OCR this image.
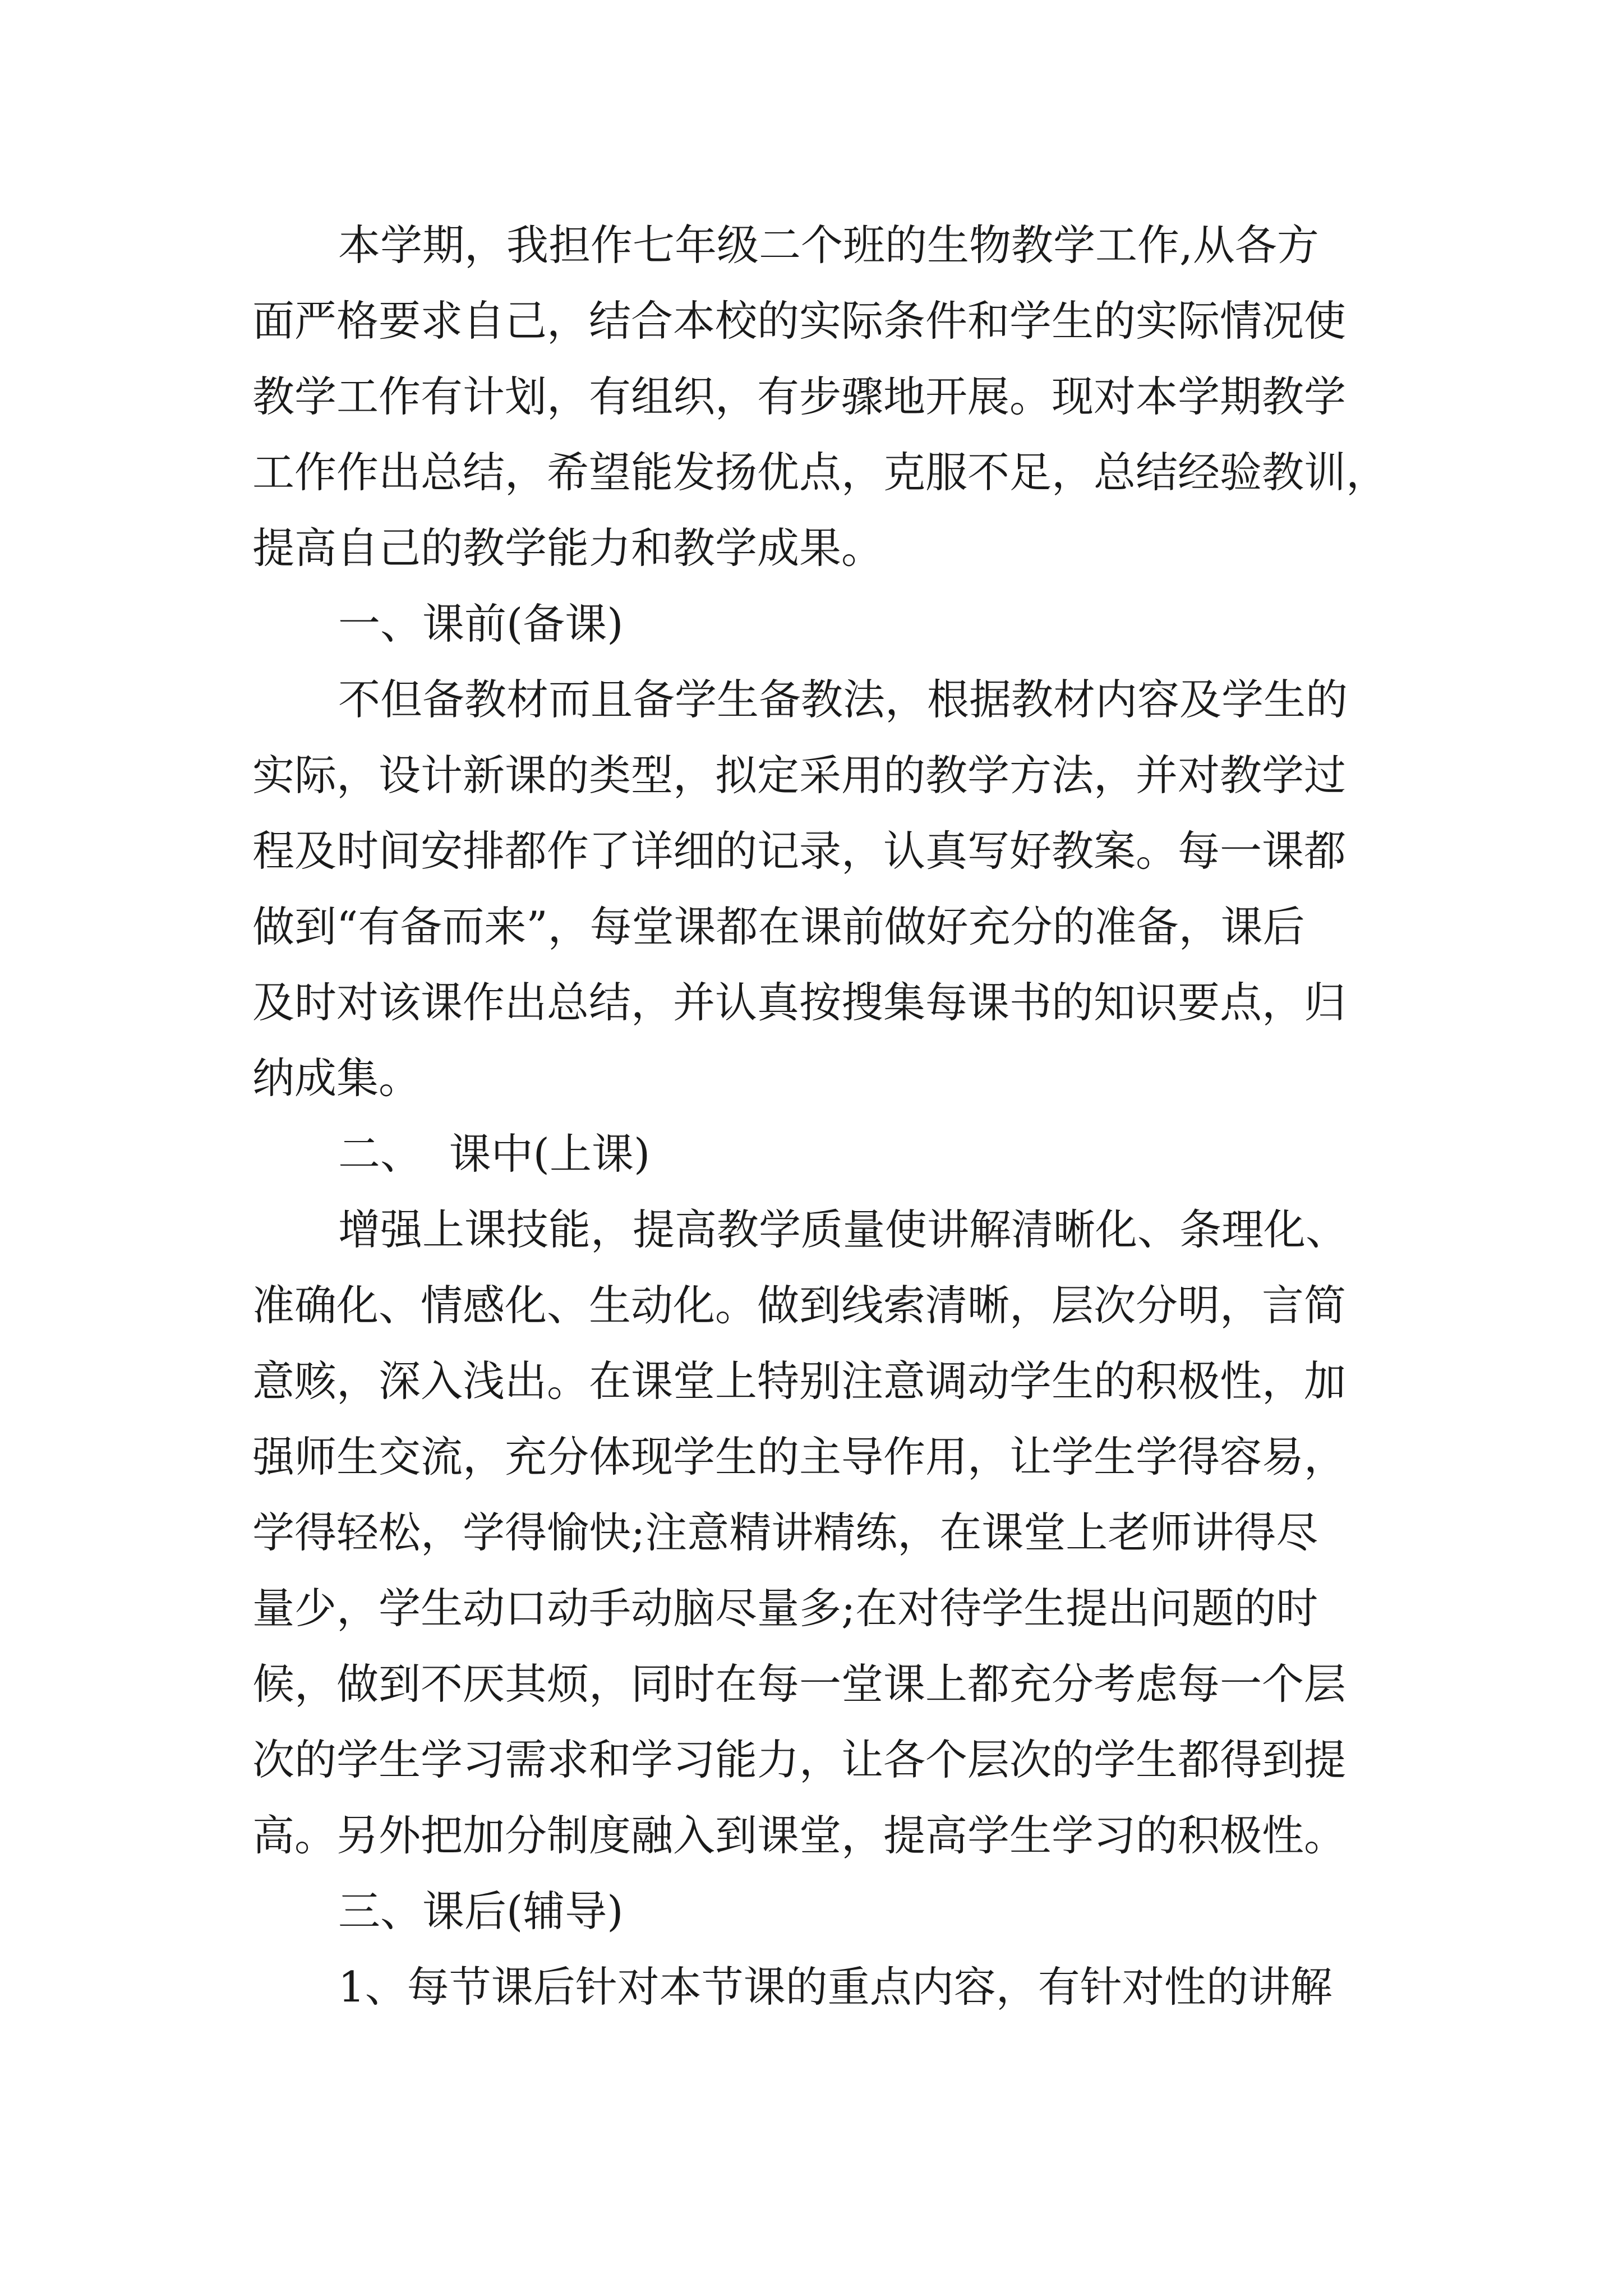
本学期，我担作七年级二个班的生物教学工作,从各方
面严格要求自己，结合本校的实际条件和学生的实际情况使
教学工作有计划，有组织，有步骤地开展。现对本学期教学
工作作出总结，希望能发扬优点，克服不足，总结经验教训，
提高自己的教学能力和教学成果。
一、课前(备课)
不但备教材而且备学生备教法，根据教材内容及学生的
实际，设计新课的类型，拟定采用的教学方法，并对教学过
程及时间安排都作了详细的记录，认真写好教案。每一课都
做到“有备而来”，每堂课都在课前做好充分的准备，课后
及时对该课作出总结，并认真按搜集每课书的知识要点，归
纳成集。
二、  课中(上课)
增强上课技能，提高教学质量使讲解清晰化、条理化、
准确化、情感化、生动化。做到线索清晰，层次分明，言简
意赅，深入浅出。在课堂上特别注意调动学生的积极性，加
强师生交流，充分体现学生的主导作用，让学生学得容易，
学得轻松，学得愉快;注意精讲精练，在课堂上老师讲得尽
量少，学生动口动手动脑尽量多;在对待学生提出问题的时
候，做到不厌其烦，同时在每一堂课上都充分考虑每一个层
次的学生学习需求和学习能力，让各个层次的学生都得到提
高。另外把加分制度融入到课堂，提高学生学习的积极性。
三、课后(辅导)
1、每节课后针对本节课的重点内容，有针对性的讲解
